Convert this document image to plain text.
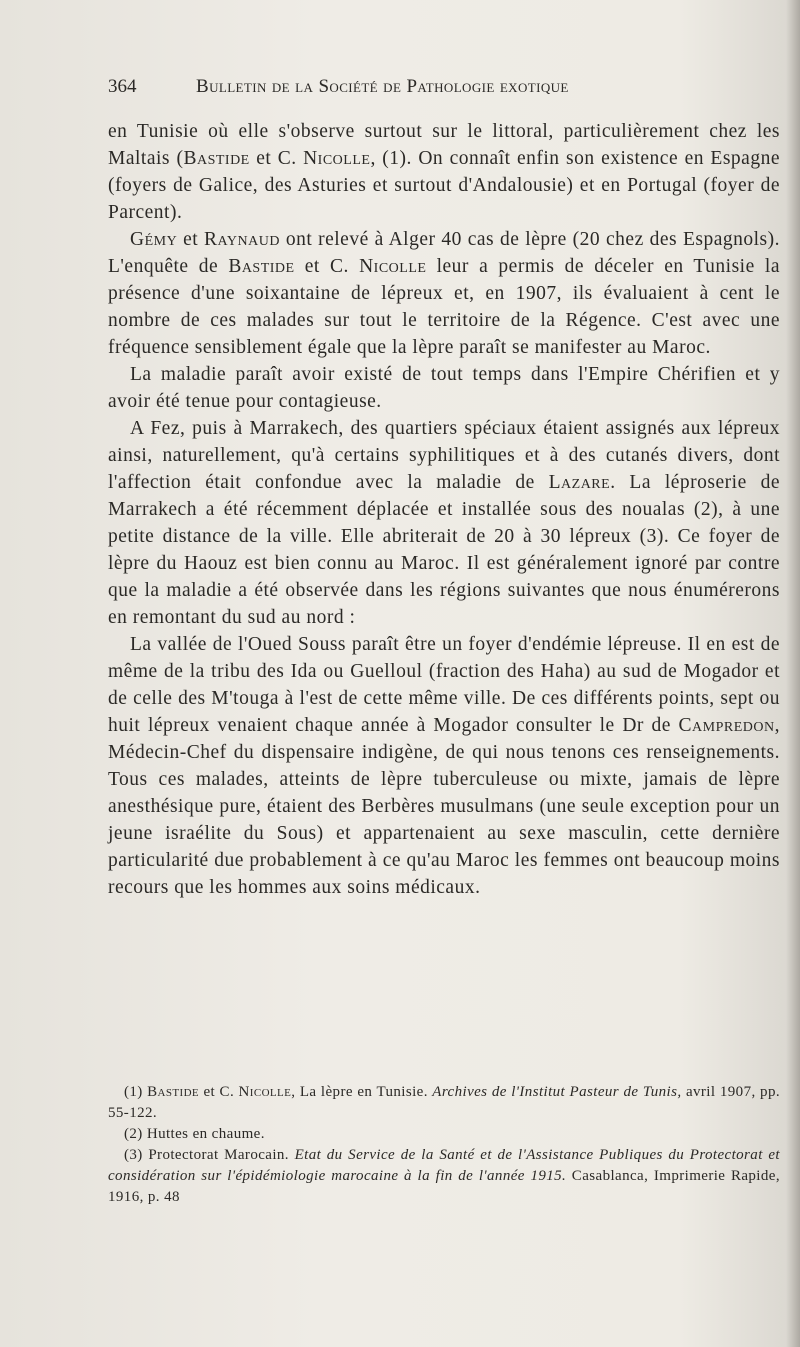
364	Bulletin de la Société de Pathologie exotique

en Tunisie où elle s'observe surtout sur le littoral, particulièrement chez les Maltais (Bastide et C. Nicolle, (1). On connaît enfin son existence en Espagne (foyers de Galice, des Asturies et surtout d'Andalousie) et en Portugal (foyer de Parcent).

Gémy et Raynaud ont relevé à Alger 40 cas de lèpre (20 chez des Espagnols). L'enquête de Bastide et C. Nicolle leur a permis de déceler en Tunisie la présence d'une soixantaine de lépreux et, en 1907, ils évaluaient à cent le nombre de ces malades sur tout le territoire de la Régence. C'est avec une fréquence sensiblement égale que la lèpre paraît se manifester au Maroc.

La maladie paraît avoir existé de tout temps dans l'Empire Chérifien et y avoir été tenue pour contagieuse.

A Fez, puis à Marrakech, des quartiers spéciaux étaient assignés aux lépreux ainsi, naturellement, qu'à certains syphilitiques et à des cutanés divers, dont l'affection était confondue avec la maladie de Lazare. La léproserie de Marrakech a été récemment déplacée et installée sous des noualas (2), à une petite distance de la ville. Elle abriterait de 20 à 30 lépreux (3). Ce foyer de lèpre du Haouz est bien connu au Maroc. Il est généralement ignoré par contre que la maladie a été observée dans les régions suivantes que nous énumérerons en remontant du sud au nord :

La vallée de l'Oued Souss paraît être un foyer d'endémie lépreuse. Il en est de même de la tribu des Ida ou Guelloul (fraction des Haha) au sud de Mogador et de celle des M'touga à l'est de cette même ville. De ces différents points, sept ou huit lépreux venaient chaque année à Mogador consulter le Dr de Campredon, Médecin-Chef du dispensaire indigène, de qui nous tenons ces renseignements. Tous ces malades, atteints de lèpre tuberculeuse ou mixte, jamais de lèpre anesthésique pure, étaient des Berbères musulmans (une seule exception pour un jeune israélite du Sous) et appartenaient au sexe masculin, cette dernière particularité due probablement à ce qu'au Maroc les femmes ont beaucoup moins recours que les hommes aux soins médicaux.

(1) Bastide et C. Nicolle, La lèpre en Tunisie. Archives de l'Institut Pasteur de Tunis, avril 1907, pp. 55-122.

(2) Huttes en chaume.

(3) Protectorat Marocain. Etat du Service de la Santé et de l'Assistance Publiques du Protectorat et considération sur l'épidémiologie marocaine à la fin de l'année 1915. Casablanca, Imprimerie Rapide, 1916, p. 48
